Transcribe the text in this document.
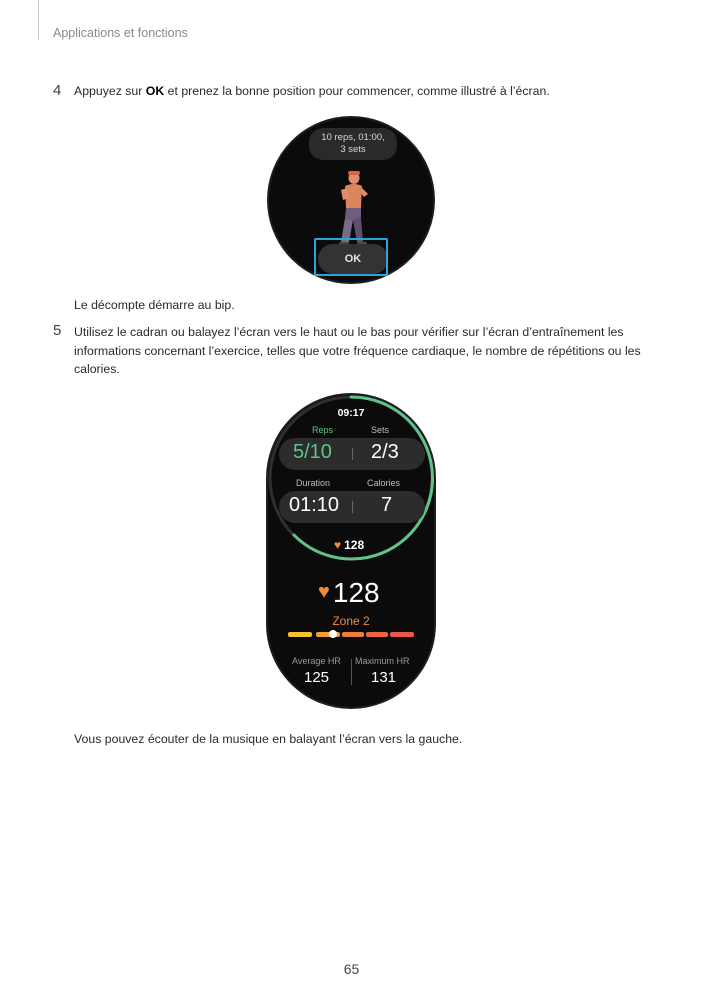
Applications et fonctions
4 Appuyez sur OK et prenez la bonne position pour commencer, comme illustré à l’écran.
10 reps, 01:00,
3 sets
OK
Le décompte démarre au bip.
5 Utilisez le cadran ou balayez l’écran vers le haut ou le bas pour vérifier sur l’écran d’entraînement les
informations concernant l’exercice, telles que votre fréquence cardiaque, le nombre de répétitions ou les
calories.
09:17
Reps	Sets
5/10 2/3
Duration	Calories
01:10 7
♥ 128
♥ 128
Zone 2
Average HR Maximum HR
125	131
Vous pouvez écouter de la musique en balayant l’écran vers la gauche.
65
